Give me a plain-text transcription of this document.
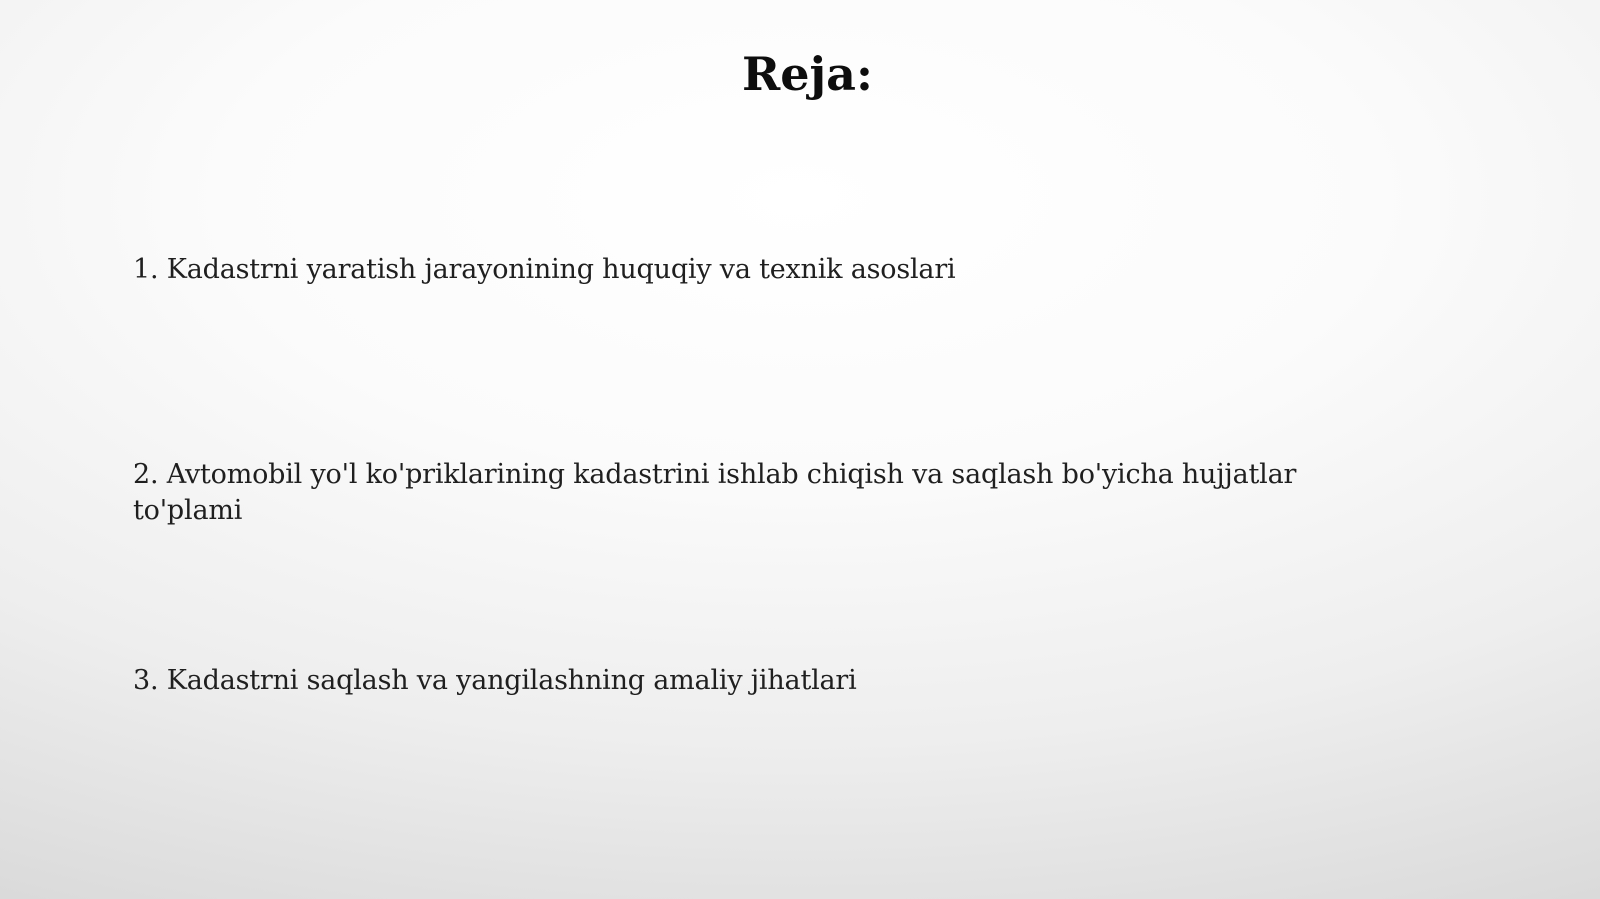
Reja:

1. Kadastrni yaratish jarayonining huquqiy va texnik asoslari

2. Avtomobil yo'l ko'priklarining kadastrini ishlab chiqish va saqlash bo'yicha hujjatlar to'plami

3. Kadastrni saqlash va yangilashning amaliy jihatlari
